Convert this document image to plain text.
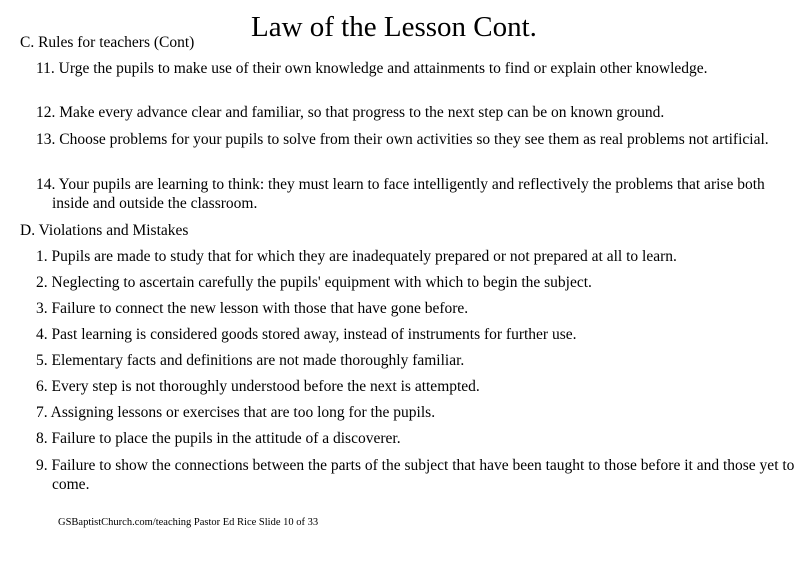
Law of the Lesson Cont.
C. Rules for teachers (Cont)
11. Urge the pupils to make use of their own knowledge and attainments to find or explain other knowledge.
12. Make every advance clear and familiar, so that progress to the next step can be on known ground.
13. Choose problems for your pupils to solve from their own activities so they see them as real problems not artificial.
14. Your pupils are learning to think: they must learn to face intelligently and reflectively the problems that arise both inside and outside the classroom.
D. Violations and Mistakes
1. Pupils are made to study that for which they are inadequately prepared or not prepared at all to learn.
2. Neglecting to ascertain carefully the pupils' equipment with which to begin the subject.
3. Failure to connect the new lesson with those that have gone before.
4. Past learning is considered goods stored away, instead of instruments for further use.
5. Elementary facts and definitions are not made thoroughly familiar.
6. Every step is not thoroughly understood before the next is attempted.
7. Assigning lessons or exercises that are too long for the pupils.
8. Failure to place the pupils in the attitude of a discoverer.
9. Failure to show the connections between the parts of the subject that have been taught to those before it and those yet to come.
GSBaptistChurch.com/teaching Pastor Ed Rice Slide 10 of 33
